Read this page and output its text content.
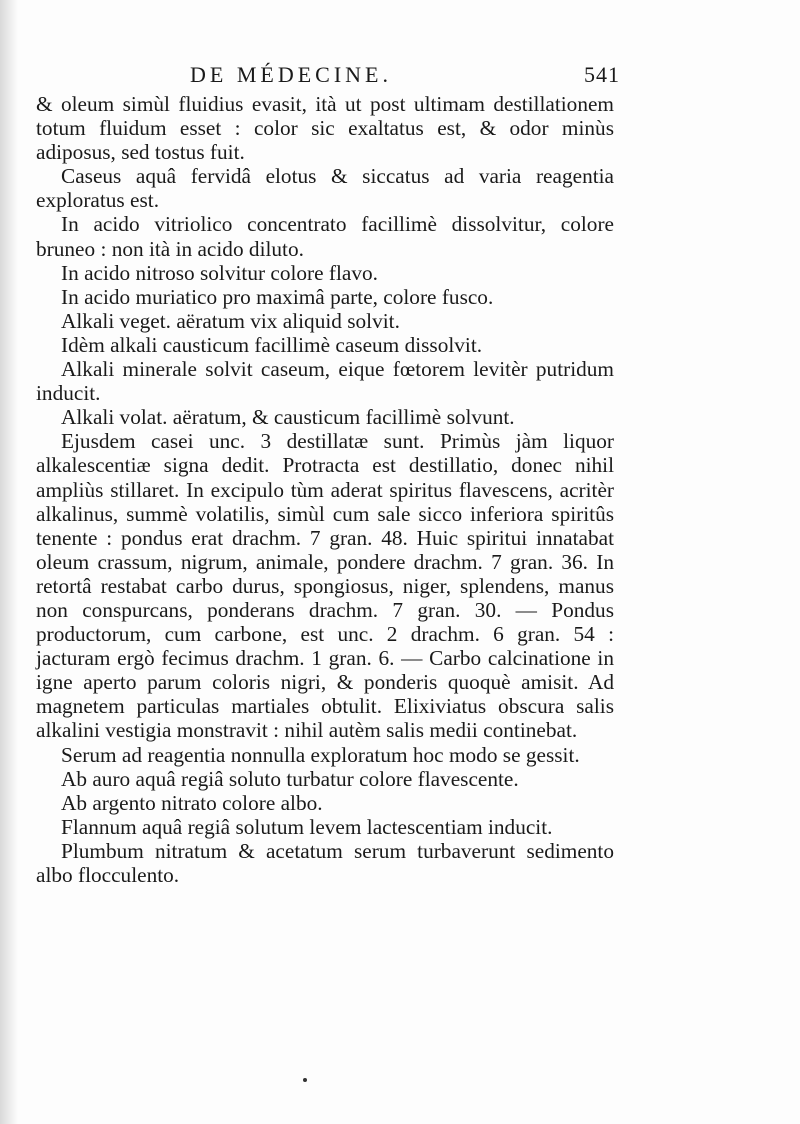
DE MÉDECINE.	541

& oleum simùl fluidius evasit, ità ut post ultimam destillationem totum fluidum esset : color sic exaltatus est, & odor minùs adiposus, sed tostus fuit.

Caseus aquâ fervidâ elotus & siccatus ad varia reagentia exploratus est.

In acido vitriolico concentrato facillimè dissolvitur, colore bruneo : non ità in acido diluto.

In acido nitroso solvitur colore flavo.

In acido muriatico pro maximâ parte, colore fusco.

Alkali veget. aëratum vix aliquid solvit.

Idèm alkali causticum facillimè caseum dissolvit.

Alkali minerale solvit caseum, eique fœtorem levitèr putridum inducit.

Alkali volat. aëratum, & causticum facillimè solvunt.

Ejusdem casei unc. 3 destillatæ sunt. Primùs jàm liquor alkalescentiæ signa dedit. Protracta est destillatio, donec nihil ampliùs stillaret. In excipulo tùm aderat spiritus flavescens, acritèr alkalinus, summè volatilis, simùl cum sale sicco inferiora spiritûs tenente : pondus erat drachm. 7 gran. 48. Huic spiritui innatabat oleum crassum, nigrum, animale, pondere drachm. 7 gran. 36. In retortâ restabat carbo durus, spongiosus, niger, splendens, manus non conspurcans, ponderans drachm. 7 gran. 30. — Pondus productorum, cum carbone, est unc. 2 drachm. 6 gran. 54 : jacturam ergò fecimus drachm. 1 gran. 6. — Carbo calcinatione in igne aperto parum coloris nigri, & ponderis quoquè amisit. Ad magnetem particulas martiales obtulit. Elixiviatus obscura salis alkalini vestigia monstravit : nihil autèm salis medii continebat.

Serum ad reagentia nonnulla exploratum hoc modo se gessit.

Ab auro aquâ regiâ soluto turbatur colore flavescente.

Ab argento nitrato colore albo.

Flannum aquâ regiâ solutum levem lactescentiam inducit.

Plumbum nitratum & acetatum serum turbaverunt sedimento albo flocculento.
